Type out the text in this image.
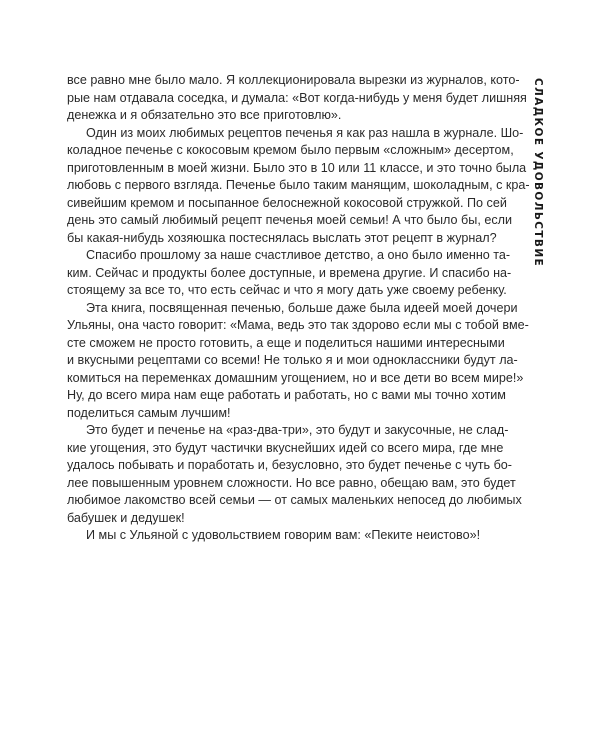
СЛАДКОЕ УДОВОЛЬСТВИЕ
все равно мне было мало. Я коллекционировала вырезки из журналов, кото-
рые нам отдавала соседка, и думала: «Вот когда-нибудь у меня будет лишняя
денежка и я обязательно это все приготовлю».
Один из моих любимых рецептов печенья я как раз нашла в журнале. Шо-
коладное печенье с кокосовым кремом было первым «сложным» десертом,
приготовленным в моей жизни. Было это в 10 или 11 классе, и это точно была
любовь с первого взгляда. Печенье было таким манящим, шоколадным, с кра-
сивейшим кремом и посыпанное белоснежной кокосовой стружкой. По сей
день это самый любимый рецепт печенья моей семьи! А что было бы, если
бы какая-нибудь хозяюшка постеснялась выслать этот рецепт в журнал?
Спасибо прошлому за наше счастливое детство, а оно было именно та-
ким. Сейчас и продукты более доступные, и времена другие. И спасибо на-
стоящему за все то, что есть сейчас и что я могу дать уже своему ребенку.
Эта книга, посвященная печенью, больше даже была идеей моей дочери
Ульяны, она часто говорит: «Мама, ведь это так здорово если мы с тобой вме-
сте сможем не просто готовить, а еще и поделиться нашими интересными
и вкусными рецептами со всеми! Не только я и мои одноклассники будут ла-
комиться на переменках домашним угощением, но и все дети во всем мире!»
Ну, до всего мира нам еще работать и работать, но с вами мы точно хотим
поделиться самым лучшим!
Это будет и печенье на «раз-два-три», это будут и закусочные, не слад-
кие угощения, это будут частички вкуснейших идей со всего мира, где мне
удалось побывать и поработать и, безусловно, это будет печенье с чуть бо-
лее повышенным уровнем сложности. Но все равно, обещаю вам, это будет
любимое лакомство всей семьи — от самых маленьких непосед до любимых
бабушек и дедушек!
И мы с Ульяной с удовольствием говорим вам: «Пеките неистово»!
